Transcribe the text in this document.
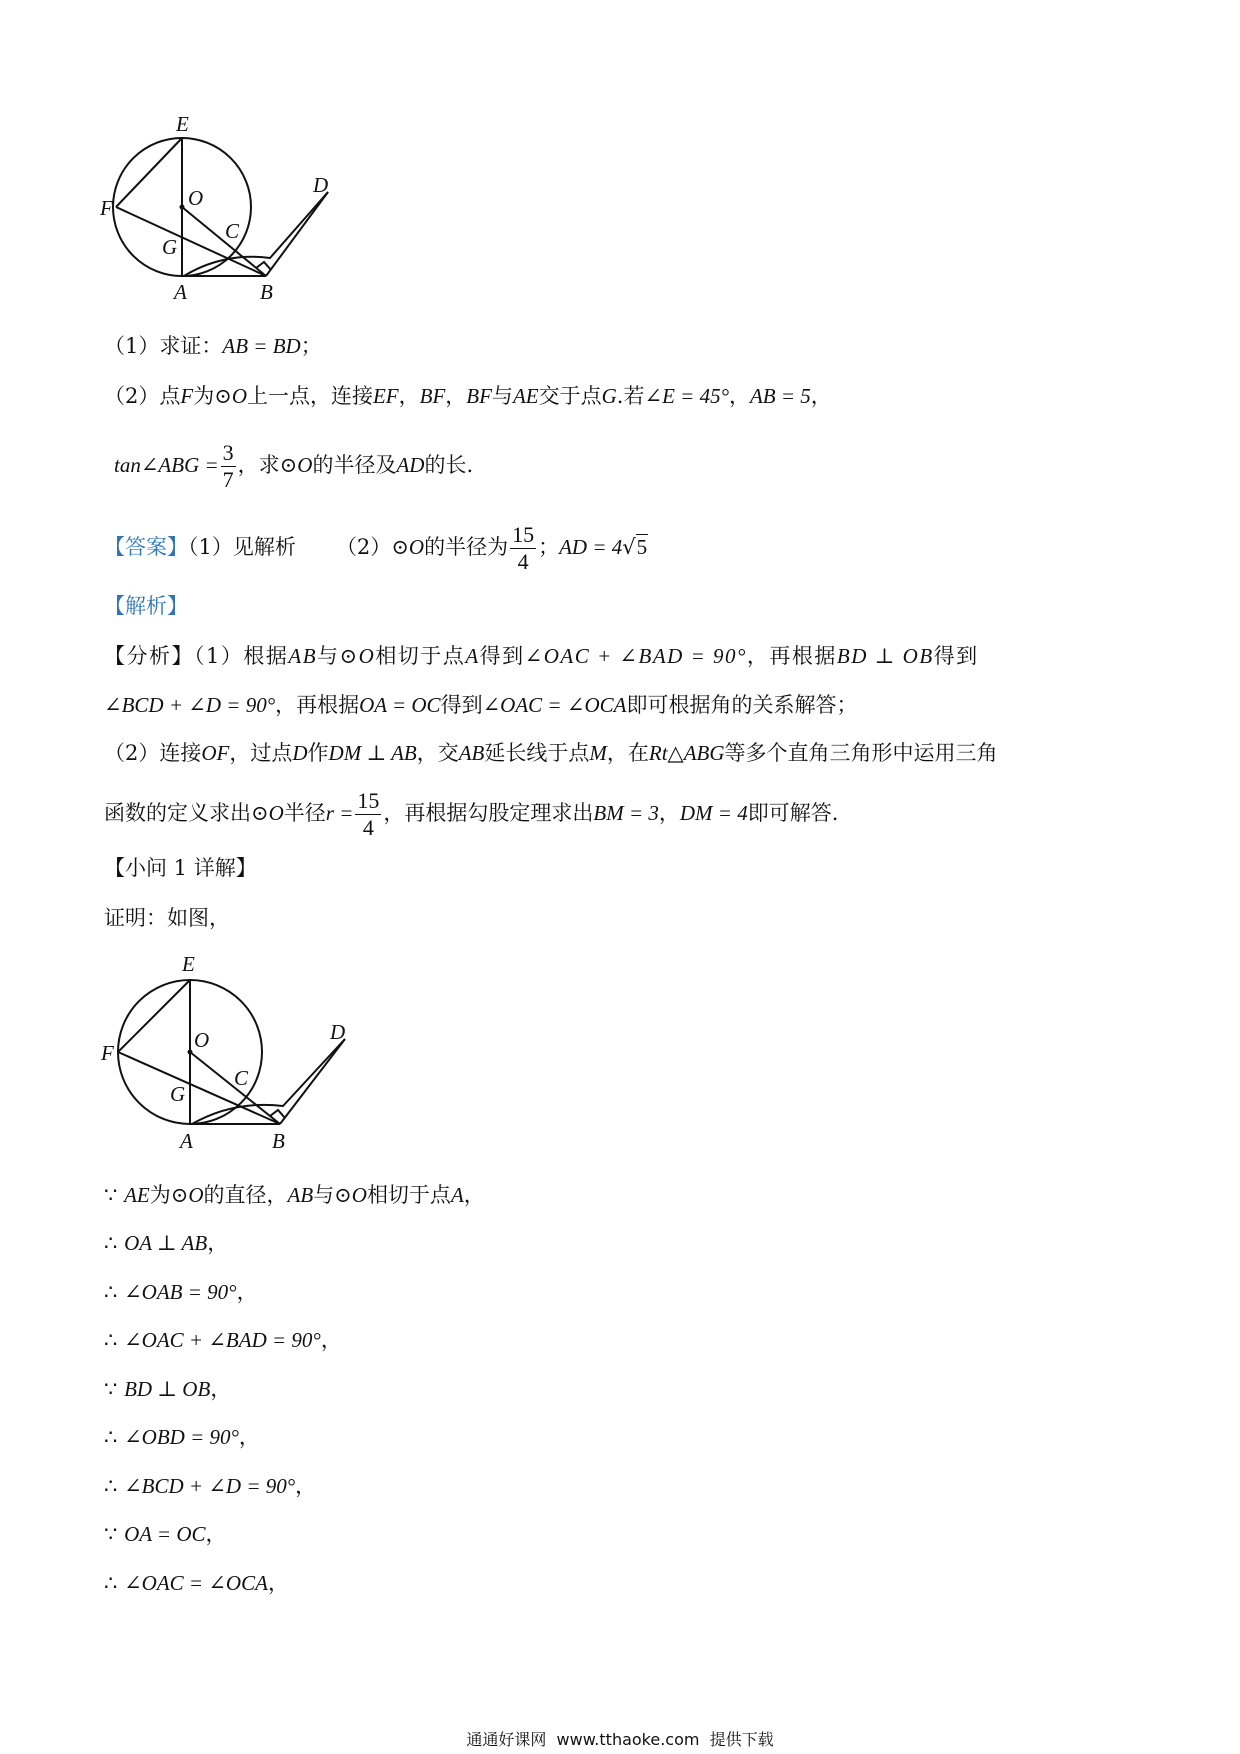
E
O
D
F
C
G
A	B
（1）求证：AB = BD；
（2）点F为⊙O上一点，连接EF，BF，BF与AE交于点G.若∠E = 45°，AB = 5，
tan∠ABG = $\frac{3}{7}$ ，求⊙O的半径及AD的长.
【答案】（1）见解析 （2）⊙O的半径为 $\frac{15}{4}$ ；AD = 4√5
【解析】
【分析】（1）根据AB与⊙O相切于点A得到∠OAC + ∠BAD = 90°，再根据BD ⊥ OB得到
∠BCD + ∠D = 90°，再根据OA = OC得到∠OAC = ∠OCA即可根据角的关系解答；
（2）连接OF，过点D作DM ⊥ AB，交AB延长线于点M，在Rt△ABG等多个直角三角形中运用三角
函数的定义求出⊙O半径$r = \frac{15}{4}$ ，再根据勾股定理求出BM = 3，DM = 4即可解答.
【小问 1 详解】
证明：如图，
E
O	D
F
C
G
A	B
∵ AE为⊙O的直径，AB与⊙O相切于点A，
∴ OA ⊥ AB，
∴ ∠OAB = 90°，
∴ ∠OAC + ∠BAD = 90°，
∵ BD ⊥ OB，
∴ ∠OBD = 90°，
∴ ∠BCD + ∠D = 90°，
∵ OA = OC，
∴ ∠OAC = ∠OCA，
通通好课网 www.tthaoke.com 提供下载
